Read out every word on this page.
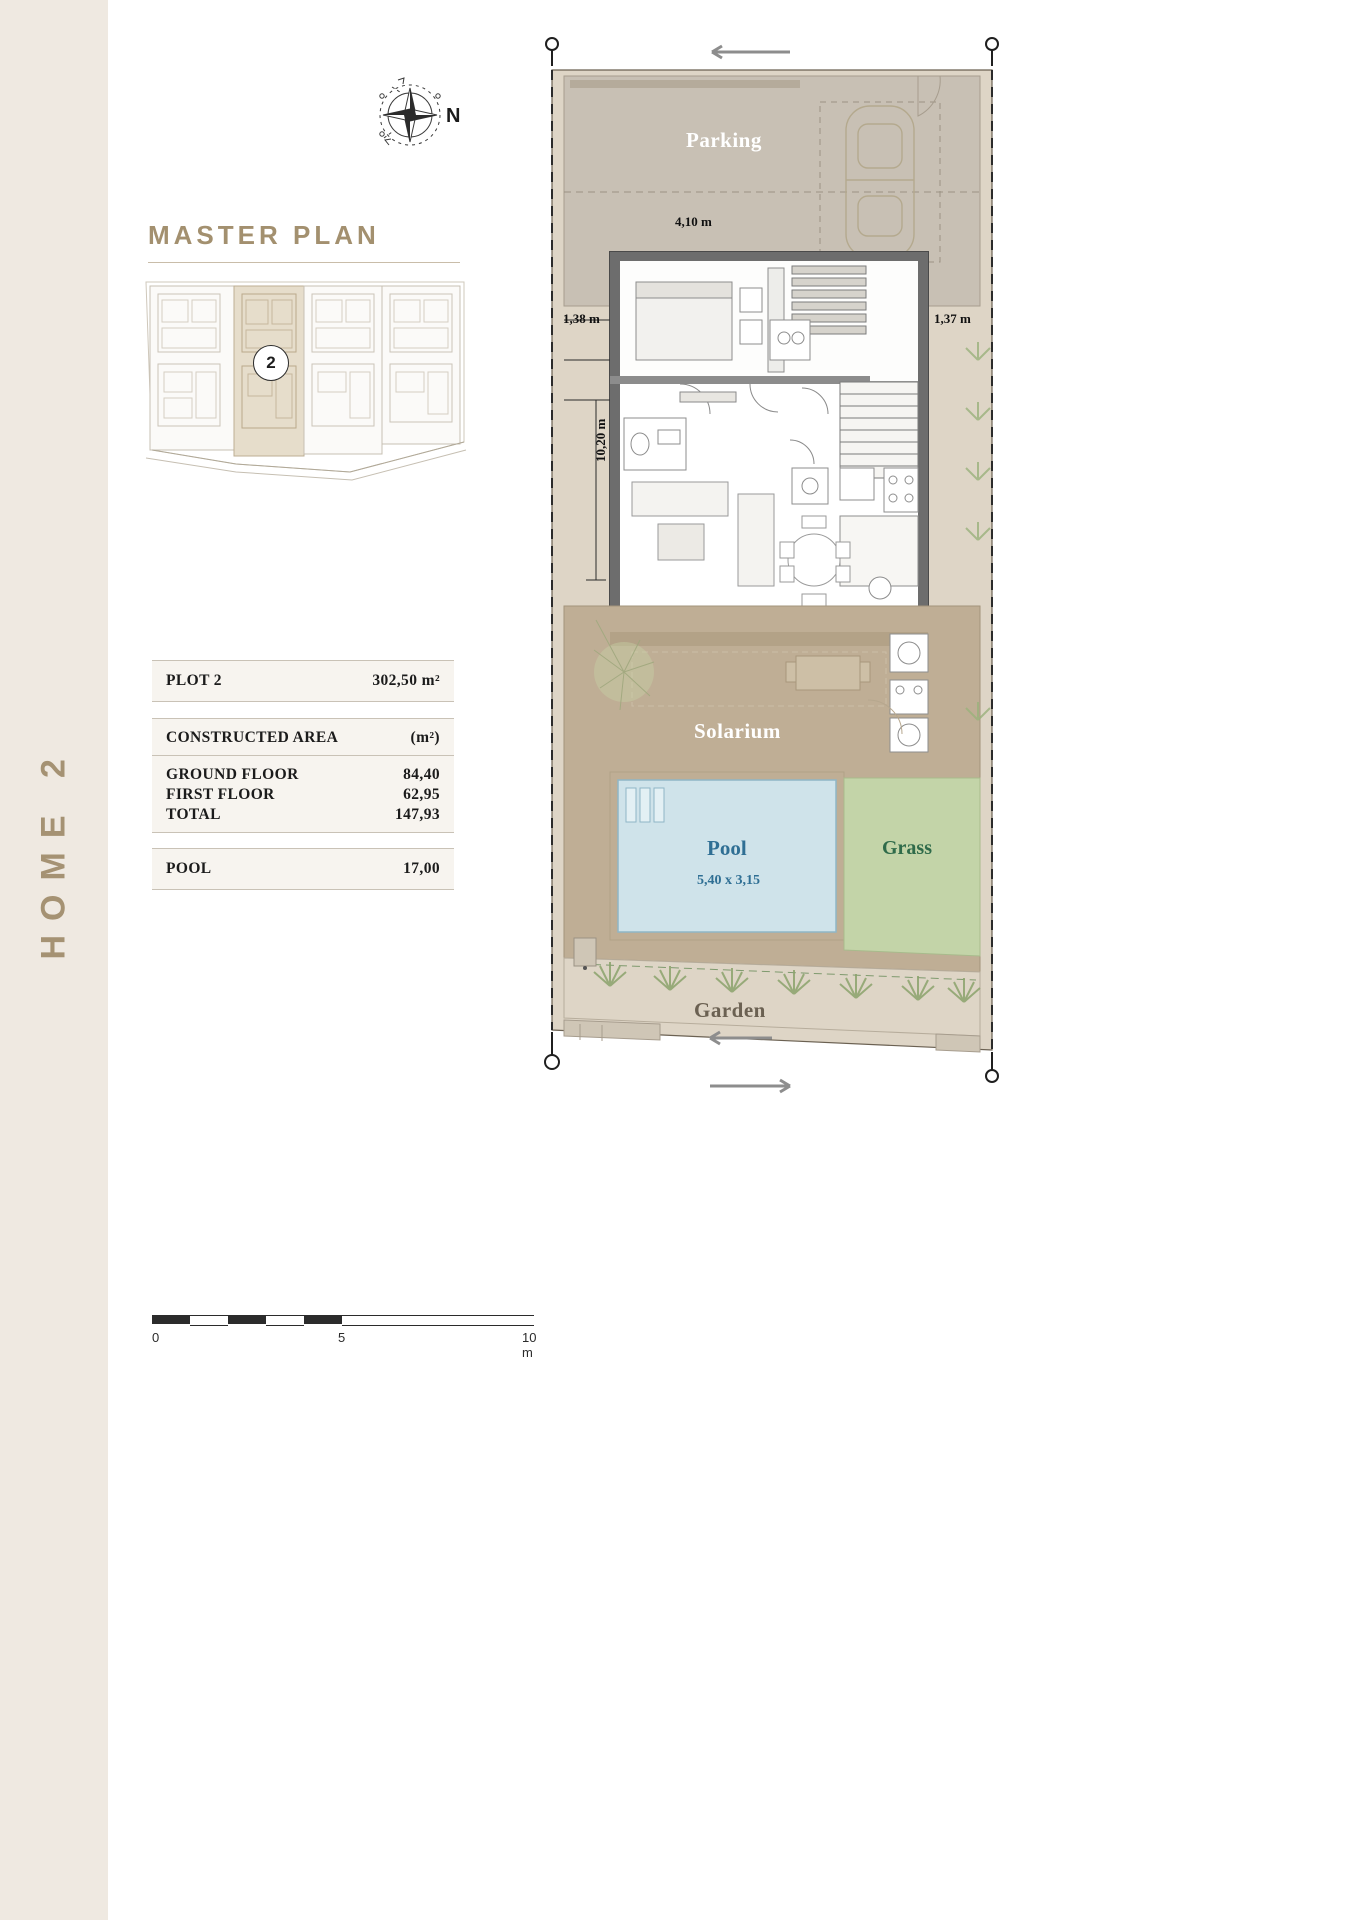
HOME 2
N
MASTER PLAN
2
PLOT 2	302,50 m²
CONSTRUCTED AREA	(m²)
GROUND FLOOR	84,40
FIRST FLOOR	62,95
TOTAL	147,93
POOL	17,00
0	5	10 m
Parking
Solarium
Pool
5,40 x 3,15
Grass
Garden
4,10 m
1,38 m	1,37 m
10,20 m
